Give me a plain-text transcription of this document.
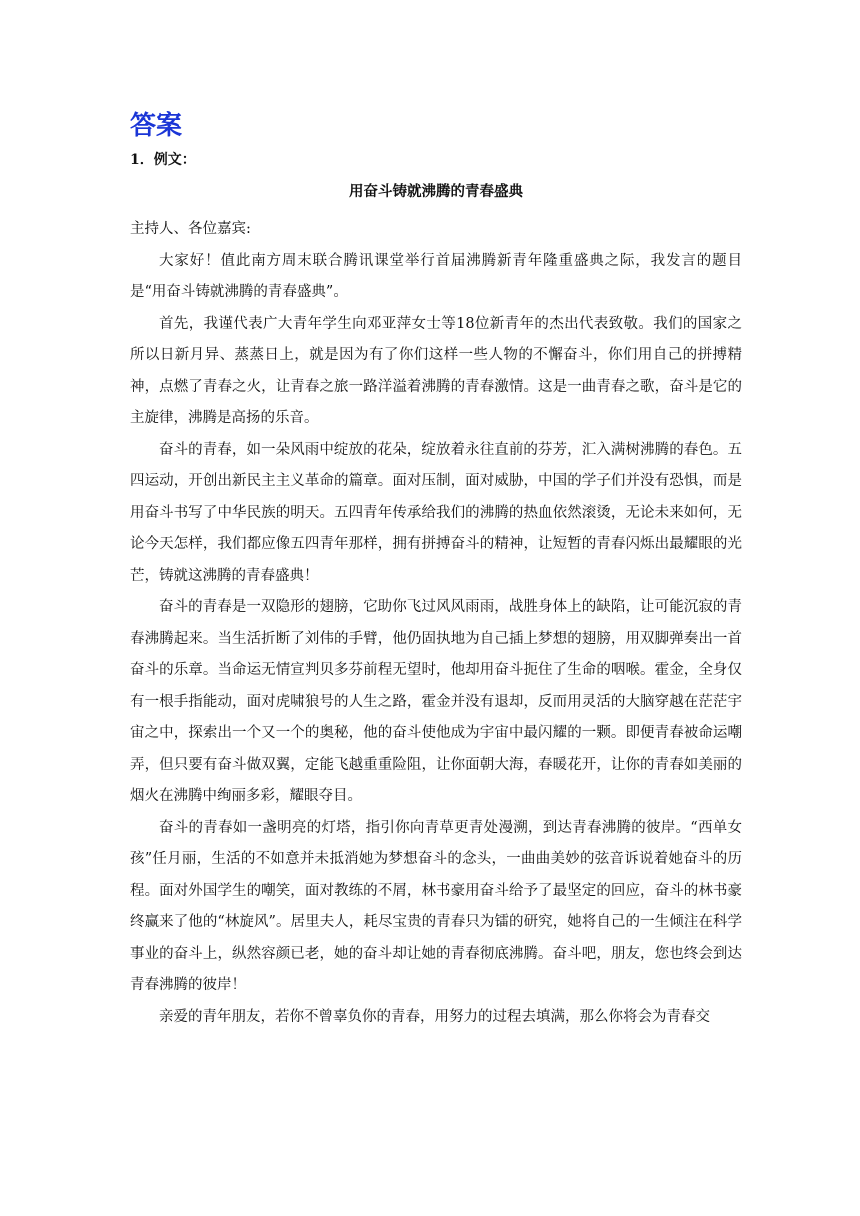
答案
1．例文：
用奋斗铸就沸腾的青春盛典

主持人、各位嘉宾:

大家好！值此南方周末联合腾讯课堂举行首届沸腾新青年隆重盛典之际，我发言的题目是“用奋斗铸就沸腾的青春盛典”。

首先，我谨代表广大青年学生向邓亚萍女士等18位新青年的杰出代表致敬。我们的国家之所以日新月异、蒸蒸日上，就是因为有了你们这样一些人物的不懈奋斗，你们用自己的拼搏精神，点燃了青春之火，让青春之旅一路洋溢着沸腾的青春激情。这是一曲青春之歌，奋斗是它的主旋律，沸腾是高扬的乐音。

奋斗的青春，如一朵风雨中绽放的花朵，绽放着永往直前的芬芳，汇入满树沸腾的春色。五四运动，开创出新民主主义革命的篇章。面对压制，面对威胁，中国的学子们并没有恐惧，而是用奋斗书写了中华民族的明天。五四青年传承给我们的沸腾的热血依然滚烫，无论未来如何，无论今天怎样，我们都应像五四青年那样，拥有拼搏奋斗的精神，让短暂的青春闪烁出最耀眼的光芒，铸就这沸腾的青春盛典！

奋斗的青春是一双隐形的翅膀，它助你飞过风风雨雨，战胜身体上的缺陷，让可能沉寂的青春沸腾起来。当生活折断了刘伟的手臂，他仍固执地为自己插上梦想的翅膀，用双脚弹奏出一首奋斗的乐章。当命运无情宣判贝多芬前程无望时，他却用奋斗扼住了生命的咽喉。霍金，全身仅有一根手指能动，面对虎啸狼号的人生之路，霍金并没有退却，反而用灵活的大脑穿越在茫茫宇宙之中，探索出一个又一个的奥秘，他的奋斗使他成为宇宙中最闪耀的一颗。即便青春被命运嘲弄，但只要有奋斗做双翼，定能飞越重重险阻，让你面朝大海，春暖花开，让你的青春如美丽的烟火在沸腾中绚丽多彩，耀眼夺目。

奋斗的青春如一盏明亮的灯塔，指引你向青草更青处漫溯，到达青春沸腾的彼岸。“西单女孩”任月丽，生活的不如意并未抵消她为梦想奋斗的念头，一曲曲美妙的弦音诉说着她奋斗的历程。面对外国学生的嘲笑，面对教练的不屑，林书豪用奋斗给予了最坚定的回应，奋斗的林书豪终赢来了他的“林旋风”。居里夫人，耗尽宝贵的青春只为镭的研究，她将自己的一生倾注在科学事业的奋斗上，纵然容颜已老，她的奋斗却让她的青春彻底沸腾。奋斗吧，朋友，您也终会到达青春沸腾的彼岸！

亲爱的青年朋友，若你不曾辜负你的青春，用努力的过程去填满，那么你将会为青春交
